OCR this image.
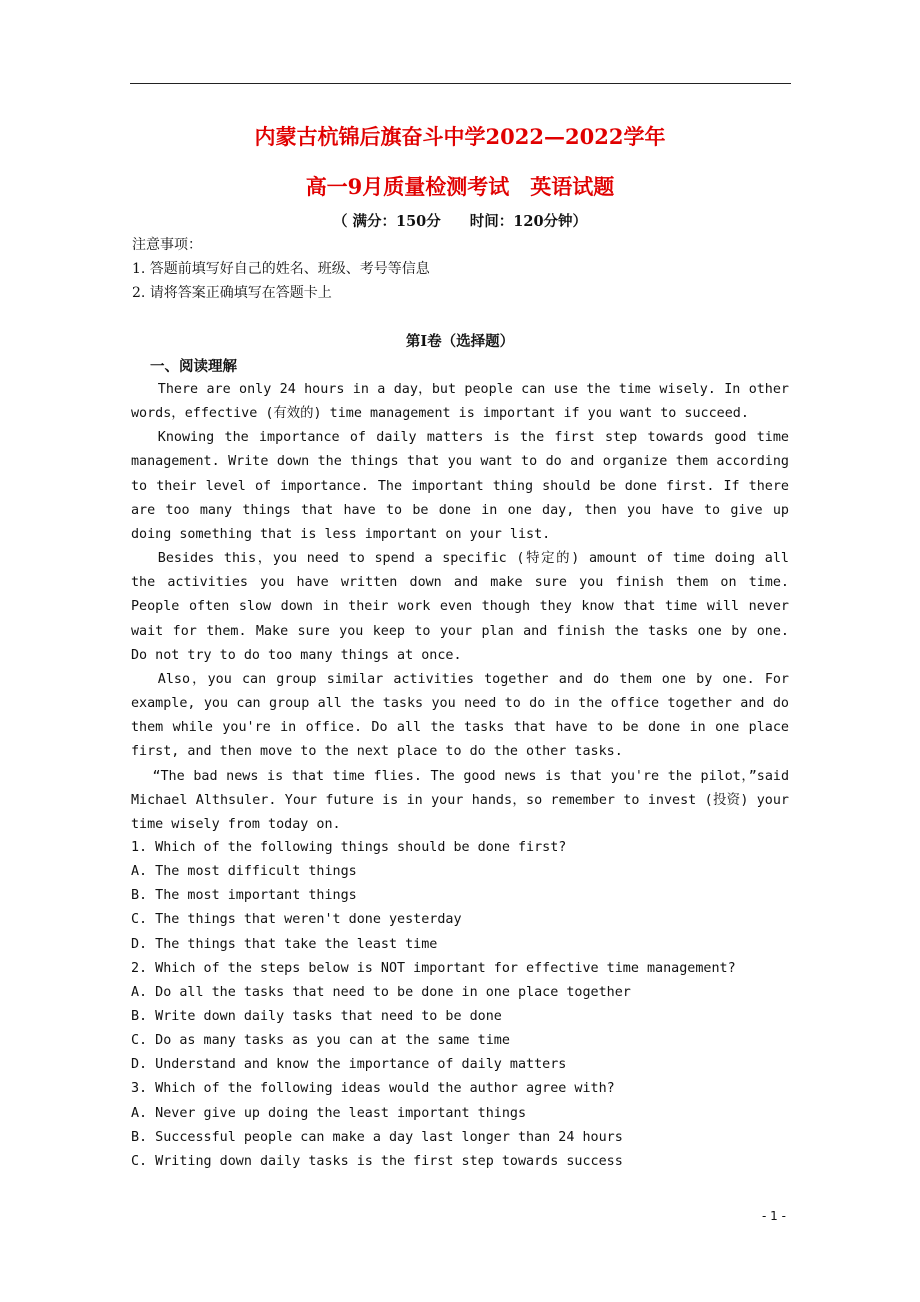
内蒙古杭锦后旗奋斗中学2022—2022学年
高一9月质量检测考试　英语试题
（ 满分：150分　　时间：120分钟）
注意事项：
1. 答题前填写好自己的姓名、班级、考号等信息
2. 请将答案正确填写在答题卡上
第Ⅰ卷（选择题）
一、阅读理解

There are only 24 hours in a day，but people can use the time wisely. In other words，effective (有效的) time management is important if you want to succeed.

Knowing the importance of daily matters is the first step towards good time management. Write down the things that you want to do and organize them according to their level of importance. The important thing should be done first. If there are too many things that have to be done in one day, then you have to give up doing something that is less important on your list.

Besides this，you need to spend a specific (特定的) amount of time doing all the activities you have written down and make sure you finish them on time. People often slow down in their work even though they know that time will never wait for them. Make sure you keep to your plan and finish the tasks one by one. Do not try to do too many things at once.

Also，you can group similar activities together and do them one by one. For example, you can group all the tasks you need to do in the office together and do them while you're in office. Do all the tasks that have to be done in one place first, and then move to the next place to do the other tasks.

“The bad news is that time flies. The good news is that you're the pilot，”said Michael Althsuler. Your future is in your hands，so remember to invest (投资) your time wisely from today on.

1. Which of the following things should be done first?
A. The most difficult things
B. The most important things
C. The things that weren't done yesterday
D. The things that take the least time
2. Which of the steps below is NOT important for effective time management?
A. Do all the tasks that need to be done in one place together
B. Write down daily tasks that need to be done
C. Do as many tasks as you can at the same time
D. Understand and know the importance of daily matters
3. Which of the following ideas would the author agree with?
A. Never give up doing the least important things
B. Successful people can make a day last longer than 24 hours
C. Writing down daily tasks is the first step towards success
- 1 -
